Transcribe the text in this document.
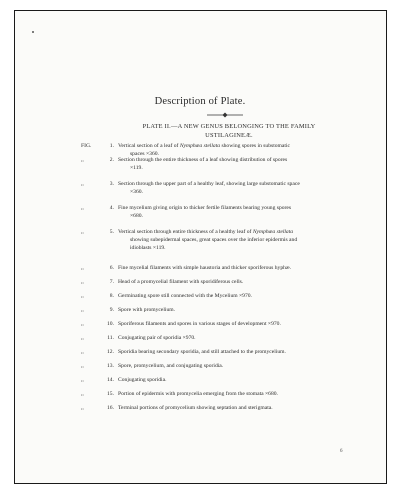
Description of Plate.
PLATE II.—A NEW GENUS BELONGING TO THE FAMILY USTILAGINEÆ.
FIG.	1. Vertical section of a leaf of Nymphæa stellata showing spores in substomatic
spaces ×360.
,,	2. Section through the entire thickness of a leaf showing distribution of spores
×119.
,,	3. Section through the upper part of a healthy leaf, showing large substomatic space
×360.
,,	4. Fine mycelium giving origin to thicker fertile filaments bearing young spores
×680.
,,	5. Vertical section through entire thickness of a healthy leaf of Nymphæa stellata
showing subepidermal spaces, great spaces over the inferior epidermis and
idioblasts ×119.
,,	6. Fine mycelial filaments with simple haustoria and thicker sporiferous hyphæ.
,,	7. Head of a promycelial filament with sporidiferous cells.
,,	8. Germinating spore still connected with the Mycelium ×970.
,,	9. Spore with promycelium.
,,	10. Sporiferous filaments and spores in various stages of development ×970.
,,	11. Conjugating pair of sporidia ×970.
,,	12. Sporidia bearing secondary sporidia, and still attached to the promycelium.
,,	13. Spore, promycelium, and conjugating sporidia.
,,	14. Conjugating sporidia.
,,	15. Portion of epidermis with promycelia emerging from the stomata ×680.
,,	16. Terminal portions of promycelium showing septation and sterigmata.
6
